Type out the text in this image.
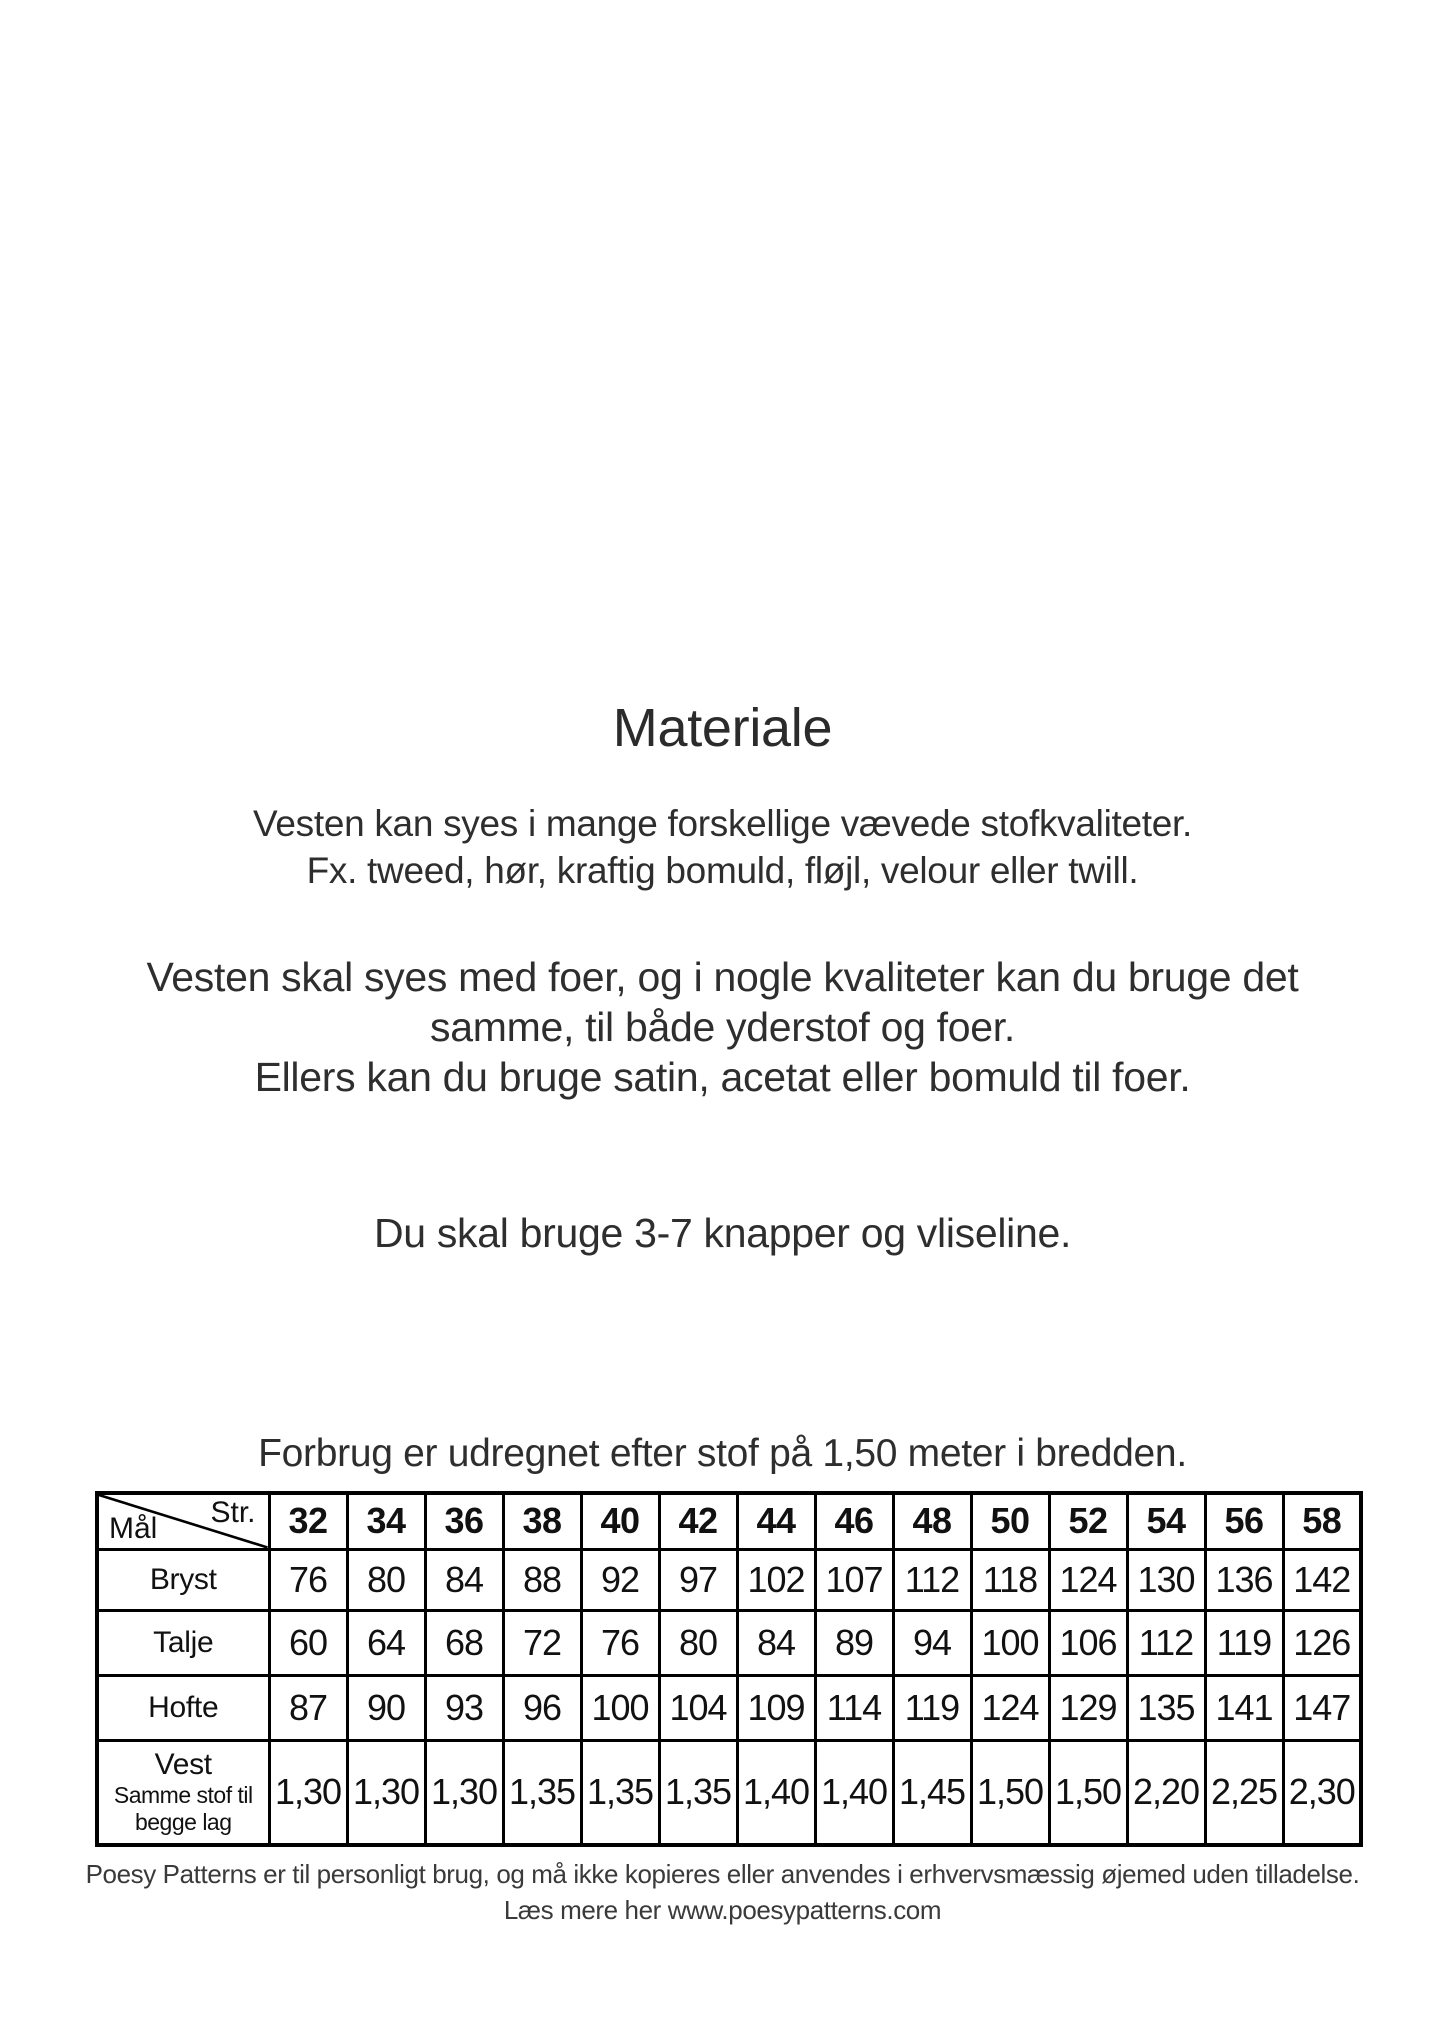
Materiale
Vesten kan syes i mange forskellige vævede stofkvaliteter.
Fx. tweed, hør, kraftig bomuld, fløjl, velour eller twill.
Vesten skal syes med foer, og i nogle kvaliteter kan du bruge det
samme, til både yderstof og foer.
Ellers kan du bruge satin, acetat eller bomuld til foer.
Du skal bruge 3-7 knapper og vliseline.
Forbrug er udregnet efter stof på 1,50 meter i bredden.
Str.
Mål	32	34	36	38	40	42	44	46	48	50	52	54	56	58

Bryst	76	80	84	88	92	97	102	107	112	118	124	130	136	142

Talje	60	64	68	72	76	80	84	89	94	100	106	112	119	126

Hofte	87	90	93	96	100	104	109	114	119	124	129	135	141	147

Vest
Samme stof til
begge lag	1,30	1,30	1,30	1,35	1,35	1,35	1,40	1,40	1,45	1,50	1,50	2,20	2,25	2,30
Poesy Patterns er til personligt brug, og må ikke kopieres eller anvendes i erhvervsmæssig øjemed uden tilladelse.
Læs mere her www.poesypatterns.com
